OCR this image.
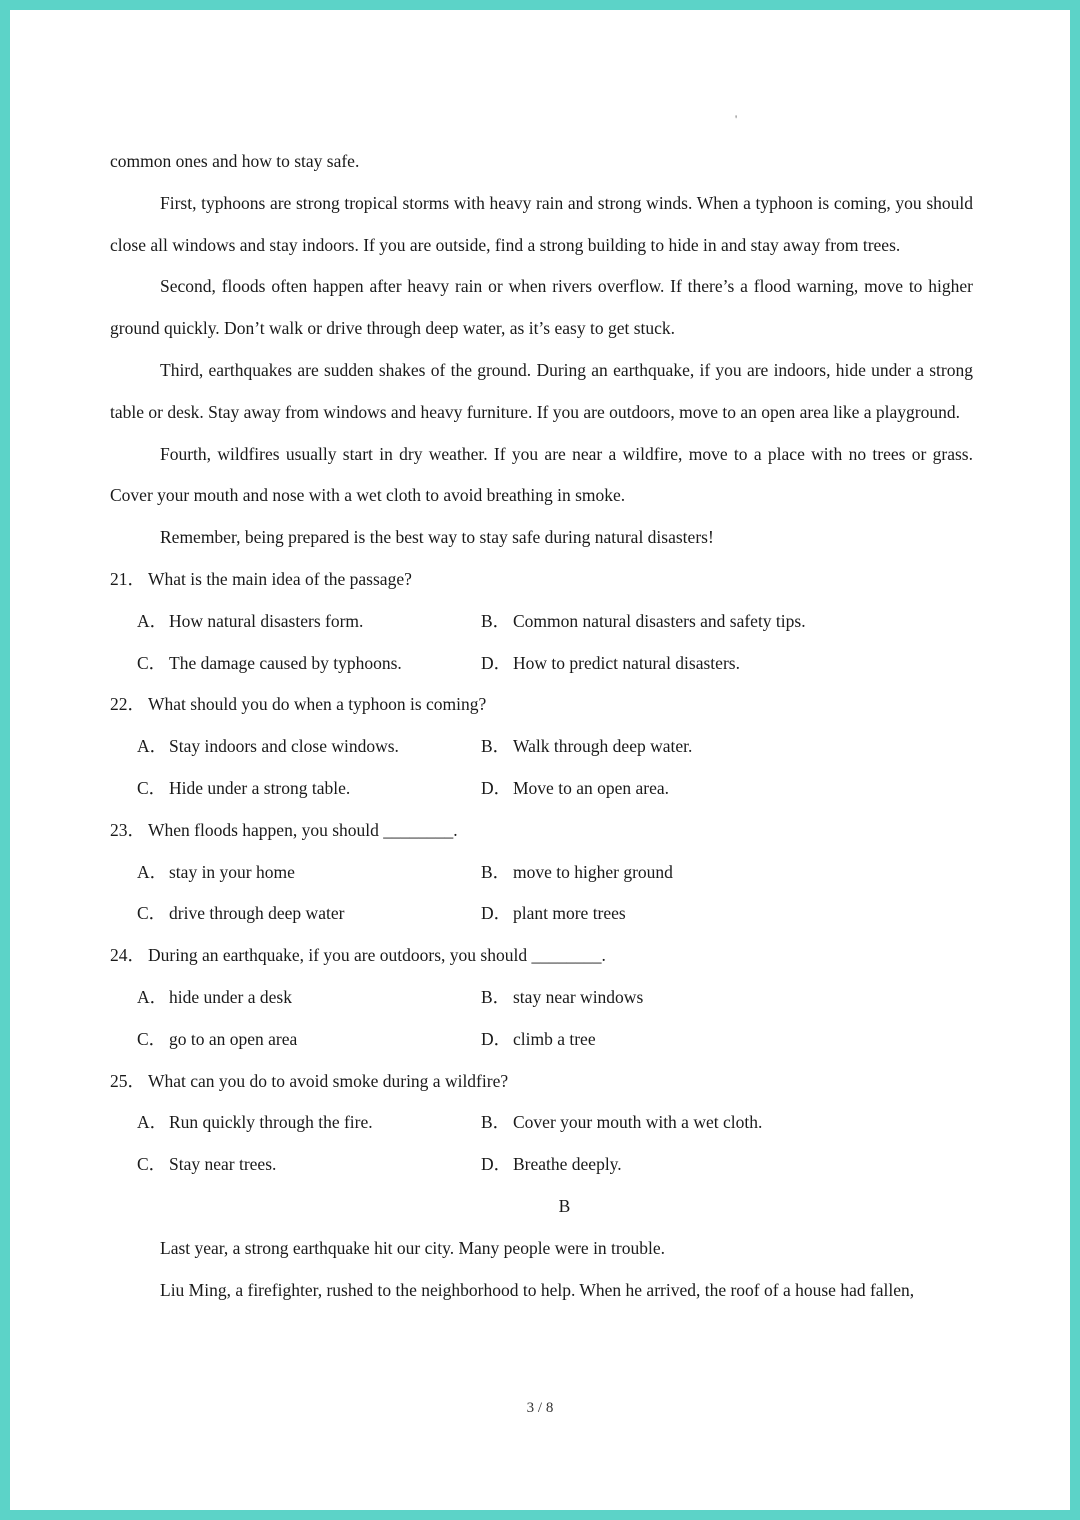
'

common ones and how to stay safe.

First, typhoons are strong tropical storms with heavy rain and strong winds. When a typhoon is coming, you should close all windows and stay indoors. If you are outside, find a strong building to hide in and stay away from trees.

Second, floods often happen after heavy rain or when rivers overflow. If there’s a flood warning, move to higher ground quickly. Don’t walk or drive through deep water, as it’s easy to get stuck.

Third, earthquakes are sudden shakes of the ground. During an earthquake, if you are indoors, hide under a strong table or desk. Stay away from windows and heavy furniture. If you are outdoors, move to an open area like a playground.

Fourth, wildfires usually start in dry weather. If you are near a wildfire, move to a place with no trees or grass. Cover your mouth and nose with a wet cloth to avoid breathing in smoke.

Remember, being prepared is the best way to stay safe during natural disasters!

21． What is the main idea of the passage?

A． How natural disasters form.	B． Common natural disasters and safety tips.
C． The damage caused by typhoons.	D． How to predict natural disasters.

22． What should you do when a typhoon is coming?

A． Stay indoors and close windows.	B． Walk through deep water.
C． Hide under a strong table.	D． Move to an open area.

23． When floods happen, you should ________.

A． stay in your home	B． move to higher ground
C． drive through deep water	D． plant more trees

24． During an earthquake, if you are outdoors, you should ________.

A． hide under a desk	B． stay near windows
C． go to an open area	D． climb a tree

25． What can you do to avoid smoke during a wildfire?

A． Run quickly through the fire.	B． Cover your mouth with a wet cloth.
C． Stay near trees.	D． Breathe deeply.

B

Last year, a strong earthquake hit our city. Many people were in trouble.

Liu Ming, a firefighter, rushed to the neighborhood to help. When he arrived, the roof of a house had fallen,

3 / 8
